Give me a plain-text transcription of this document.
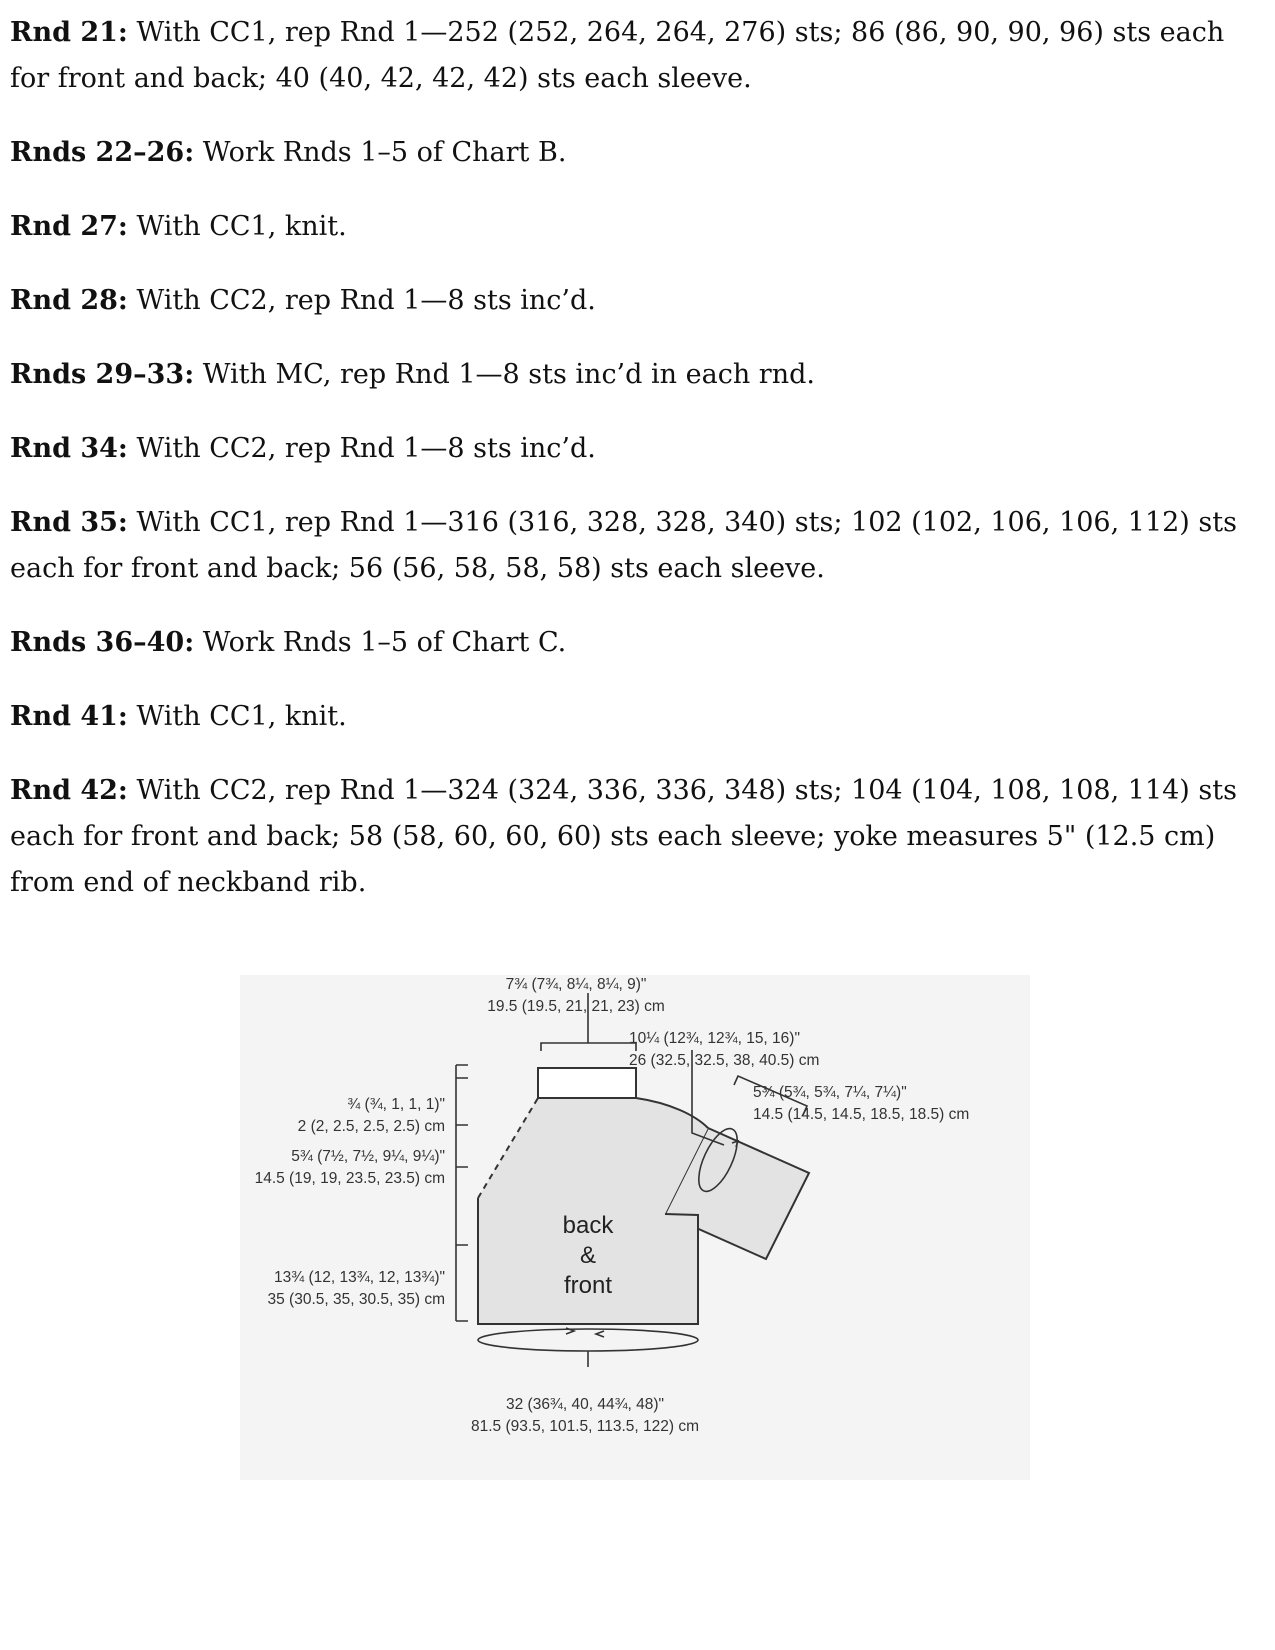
Rnd 21: With CC1, rep Rnd 1—252 (252, 264, 264, 276) sts; 86 (86, 90, 90, 96) sts each for front and back; 40 (40, 42, 42, 42) sts each sleeve.

Rnds 22–26: Work Rnds 1–5 of Chart B.

Rnd 27: With CC1, knit.

Rnd 28: With CC2, rep Rnd 1—8 sts inc’d.

Rnds 29–33: With MC, rep Rnd 1—8 sts inc’d in each rnd.

Rnd 34: With CC2, rep Rnd 1—8 sts inc’d.

Rnd 35: With CC1, rep Rnd 1—316 (316, 328, 328, 340) sts; 102 (102, 106, 106, 112) sts each for front and back; 56 (56, 58, 58, 58) sts each sleeve.

Rnds 36–40: Work Rnds 1–5 of Chart C.

Rnd 41: With CC1, knit.

Rnd 42: With CC2, rep Rnd 1—324 (324, 336, 336, 348) sts; 104 (104, 108, 108, 114) sts each for front and back; 58 (58, 60, 60, 60) sts each sleeve; yoke measures 5" (12.5 cm) from end of neckband rib.

7¾ (7¾, 8¼, 8¼, 9)"
19.5 (19.5, 21, 21, 23) cm
10¼ (12¾, 12¾, 15, 16)"
26 (32.5, 32.5, 38, 40.5) cm
5¾ (5¾, 5¾, 7¼, 7¼)"
14.5 (14.5, 14.5, 18.5, 18.5) cm
¾ (¾, 1, 1, 1)"
2 (2, 2.5, 2.5, 2.5) cm
5¾ (7½, 7½, 9¼, 9¼)"
14.5 (19, 19, 23.5, 23.5) cm
13¾ (12, 13¾, 12, 13¾)"
35 (30.5, 35, 30.5, 35) cm
back
&
front
32 (36¾, 40, 44¾, 48)"
81.5 (93.5, 101.5, 113.5, 122) cm
